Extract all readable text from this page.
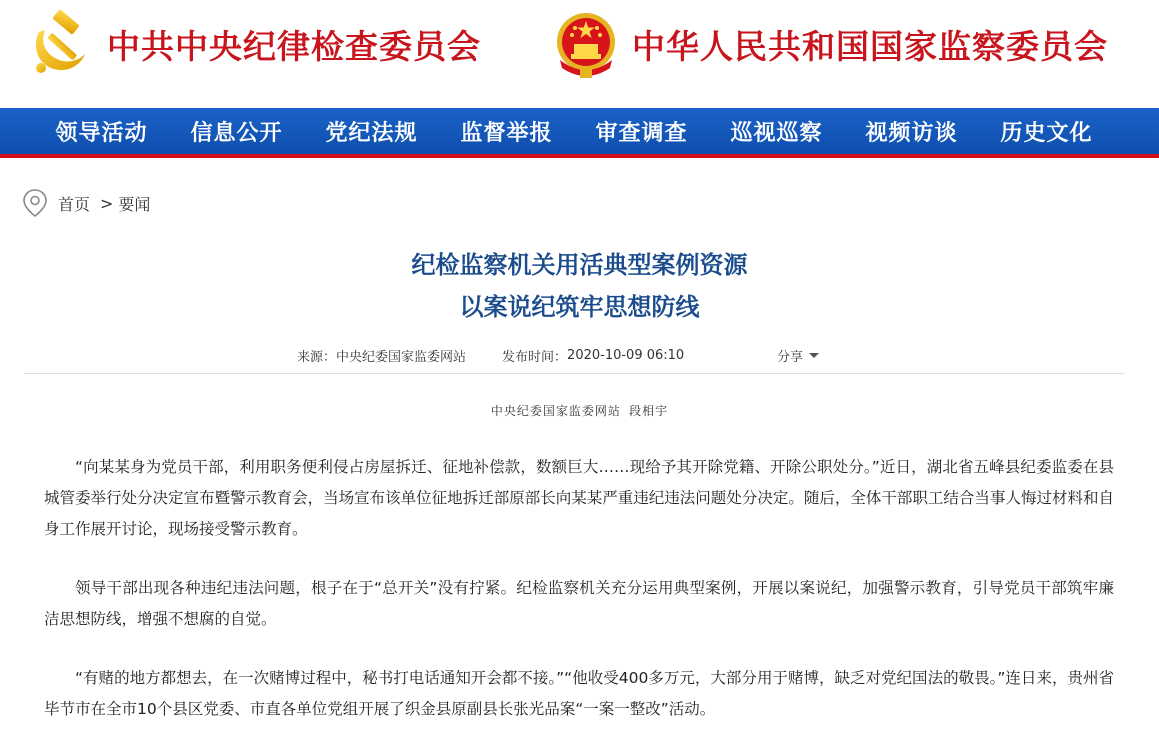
中共中央纪律检查委员会	中华人民共和国国家监察委员会
领导活动	信息公开	党纪法规	监督举报	审查调查	巡视巡察	视频访谈	历史文化
首页 > 要闻
纪检监察机关用活典型案例资源
以案说纪筑牢思想防线
来源： 中央纪委国家监委网站	发布时间： 2020-10-09 06:10	分享
中央纪委国家监委网站 段相宇

“向某某身为党员干部，利用职务便利侵占房屋拆迁、征地补偿款，数额巨大……现给予其开除党籍、开除公职处分。”近日，湖北省五峰县纪委监委在县城管委举行处分决定宣布暨警示教育会，当场宣布该单位征地拆迁部原部长向某某严重违纪违法问题处分决定。随后，全体干部职工结合当事人悔过材料和自身工作展开讨论，现场接受警示教育。

领导干部出现各种违纪违法问题，根子在于“总开关”没有拧紧。纪检监察机关充分运用典型案例，开展以案说纪，加强警示教育，引导党员干部筑牢廉洁思想防线，增强不想腐的自觉。

“有赌的地方都想去，在一次赌博过程中，秘书打电话通知开会都不接。”“他收受400多万元，大部分用于赌博，缺乏对党纪国法的敬畏。”连日来，贵州省毕节市在全市10个县区党委、市直各单位党组开展了织金县原副县长张光品案“一案一整改”活动。
